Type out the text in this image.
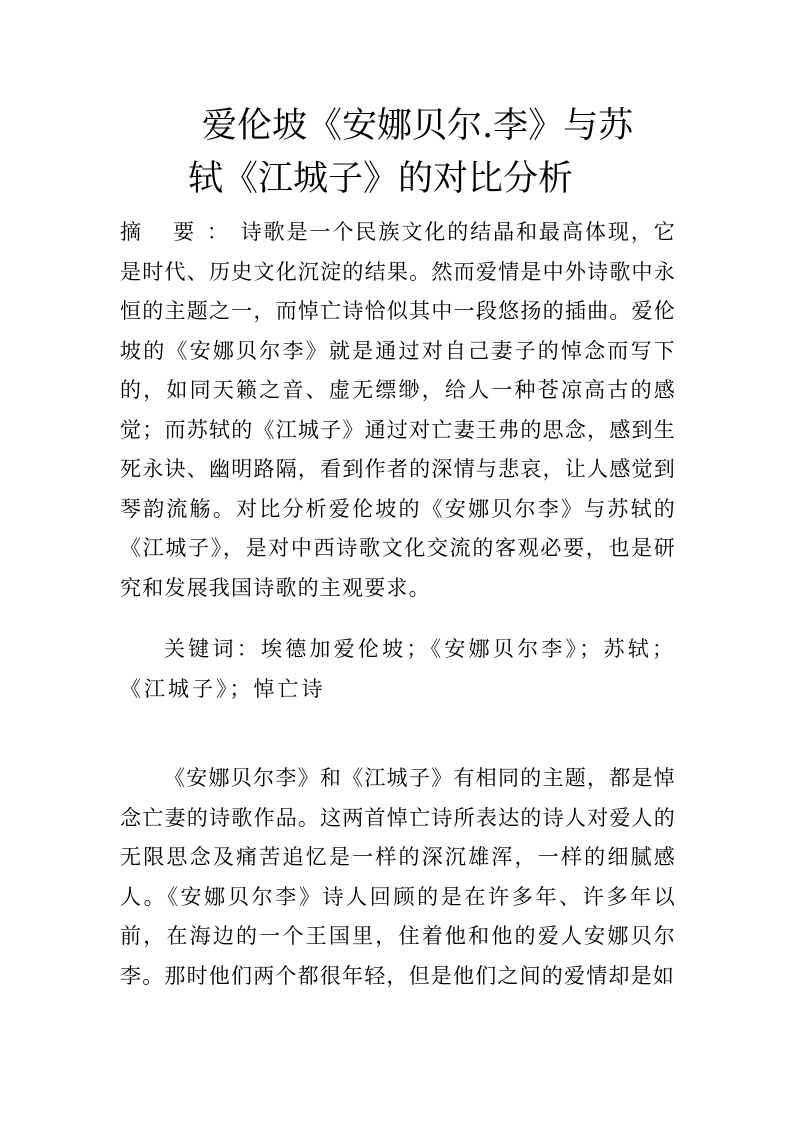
爱伦坡《安娜贝尔.李》与苏轼《江城子》的对比分析
摘 要：诗歌是一个民族文化的结晶和最高体现，它是时代、历史文化沉淀的结果。然而爱情是中外诗歌中永恒的主题之一，而悼亡诗恰似其中一段悠扬的插曲。爱伦坡的《安娜贝尔李》就是通过对自己妻子的悼念而写下的，如同天籁之音、虚无缥缈，给人一种苍凉高古的感觉；而苏轼的《江城子》通过对亡妻王弗的思念，感到生死永诀、幽明路隔，看到作者的深情与悲哀，让人感觉到琴韵流觞。对比分析爱伦坡的《安娜贝尔李》与苏轼的《江城子》，是对中西诗歌文化交流的客观必要，也是研究和发展我国诗歌的主观要求。
关键词：埃德加爱伦坡；《安娜贝尔李》；苏轼；《江城子》；悼亡诗
《安娜贝尔李》和《江城子》有相同的主题，都是悼念亡妻的诗歌作品。这两首悼亡诗所表达的诗人对爱人的无限思念及痛苦追忆是一样的深沉雄浑，一样的细腻感人。《安娜贝尔李》诗人回顾的是在许多年、许多年以前，在海边的一个王国里，住着他和他的爱人安娜贝尔李。那时他们两个都很年轻，但是他们之间的爱情却是如
